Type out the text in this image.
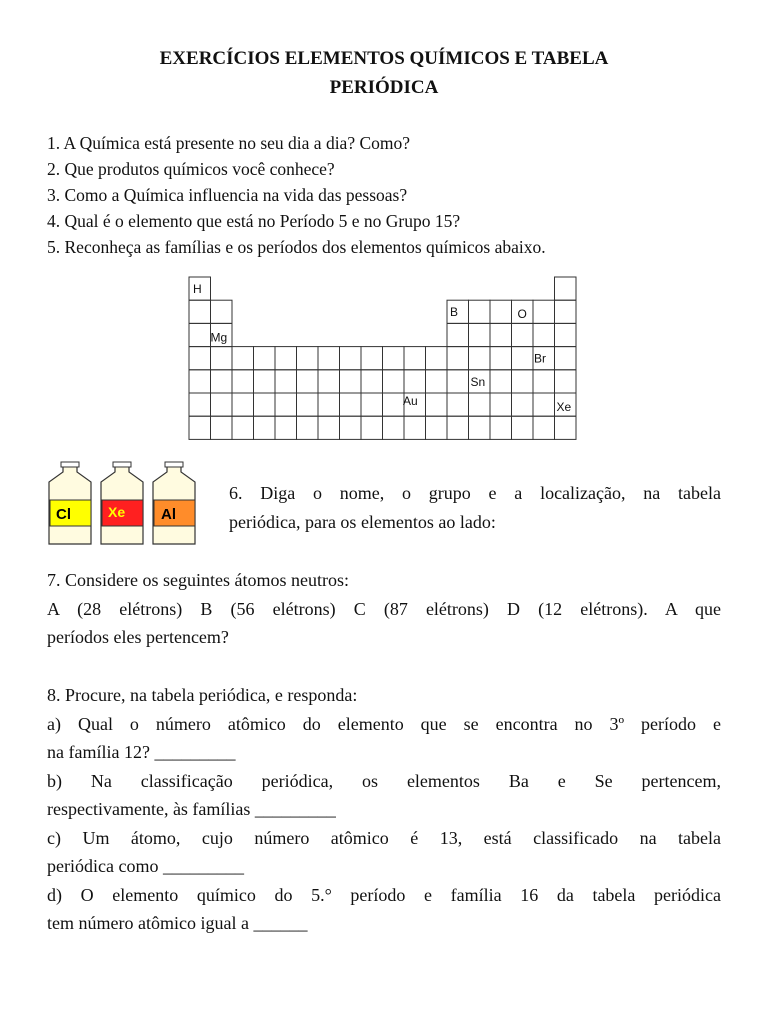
EXERCÍCIOS ELEMENTOS QUÍMICOS E TABELA
PERIÓDICA
1. A Química está presente no seu dia a dia? Como?
2. Que produtos químicos você conhece?
3. Como a Química influencia na vida das pessoas?
4. Qual é o elemento que está no Período 5 e no Grupo 15?
5. Reconheça as famílias e os períodos dos elementos químicos abaixo.
H
B	O
Mg
Br
Sn
Au	Xe
Cl	Xe Al
6. Diga o nome, o grupo e a localização, na tabela
periódica, para os elementos ao lado:
7. Considere os seguintes átomos neutros:
A (28 elétrons) B (56 elétrons) C (87 elétrons) D (12 elétrons). A que
períodos eles pertencem?
8. Procure, na tabela periódica, e responda:
a) Qual o número atômico do elemento que se encontra no 3º período e
na família 12? _________
b) Na classificação periódica, os elementos Ba e Se pertencem,
respectivamente, às famílias _________
c) Um átomo, cujo número atômico é 13, está classificado na tabela
periódica como _________
d) O elemento químico do 5.° período e família 16 da tabela periódica
tem número atômico igual a ______
